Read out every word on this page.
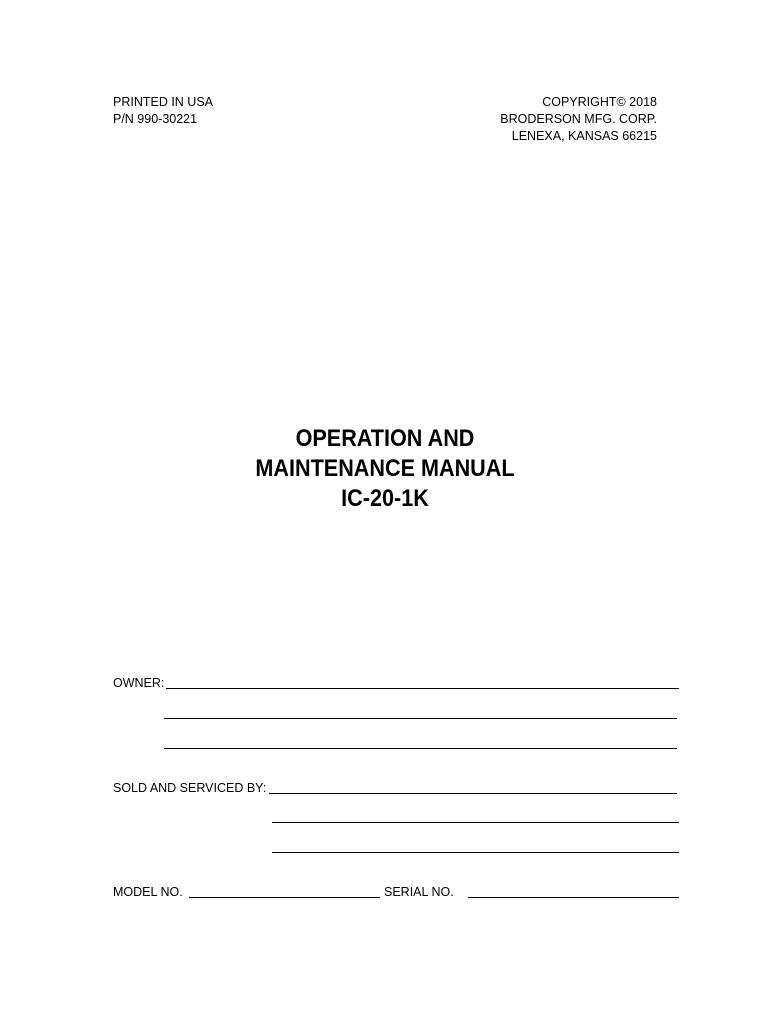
PRINTED IN USA
P/N 990-30221
COPYRIGHT© 2018
BRODERSON MFG. CORP.
LENEXA, KANSAS 66215
OPERATION AND
MAINTENANCE MANUAL
IC-20-1K
OWNER:
SOLD AND SERVICED BY:
MODEL NO.	SERIAL NO.
